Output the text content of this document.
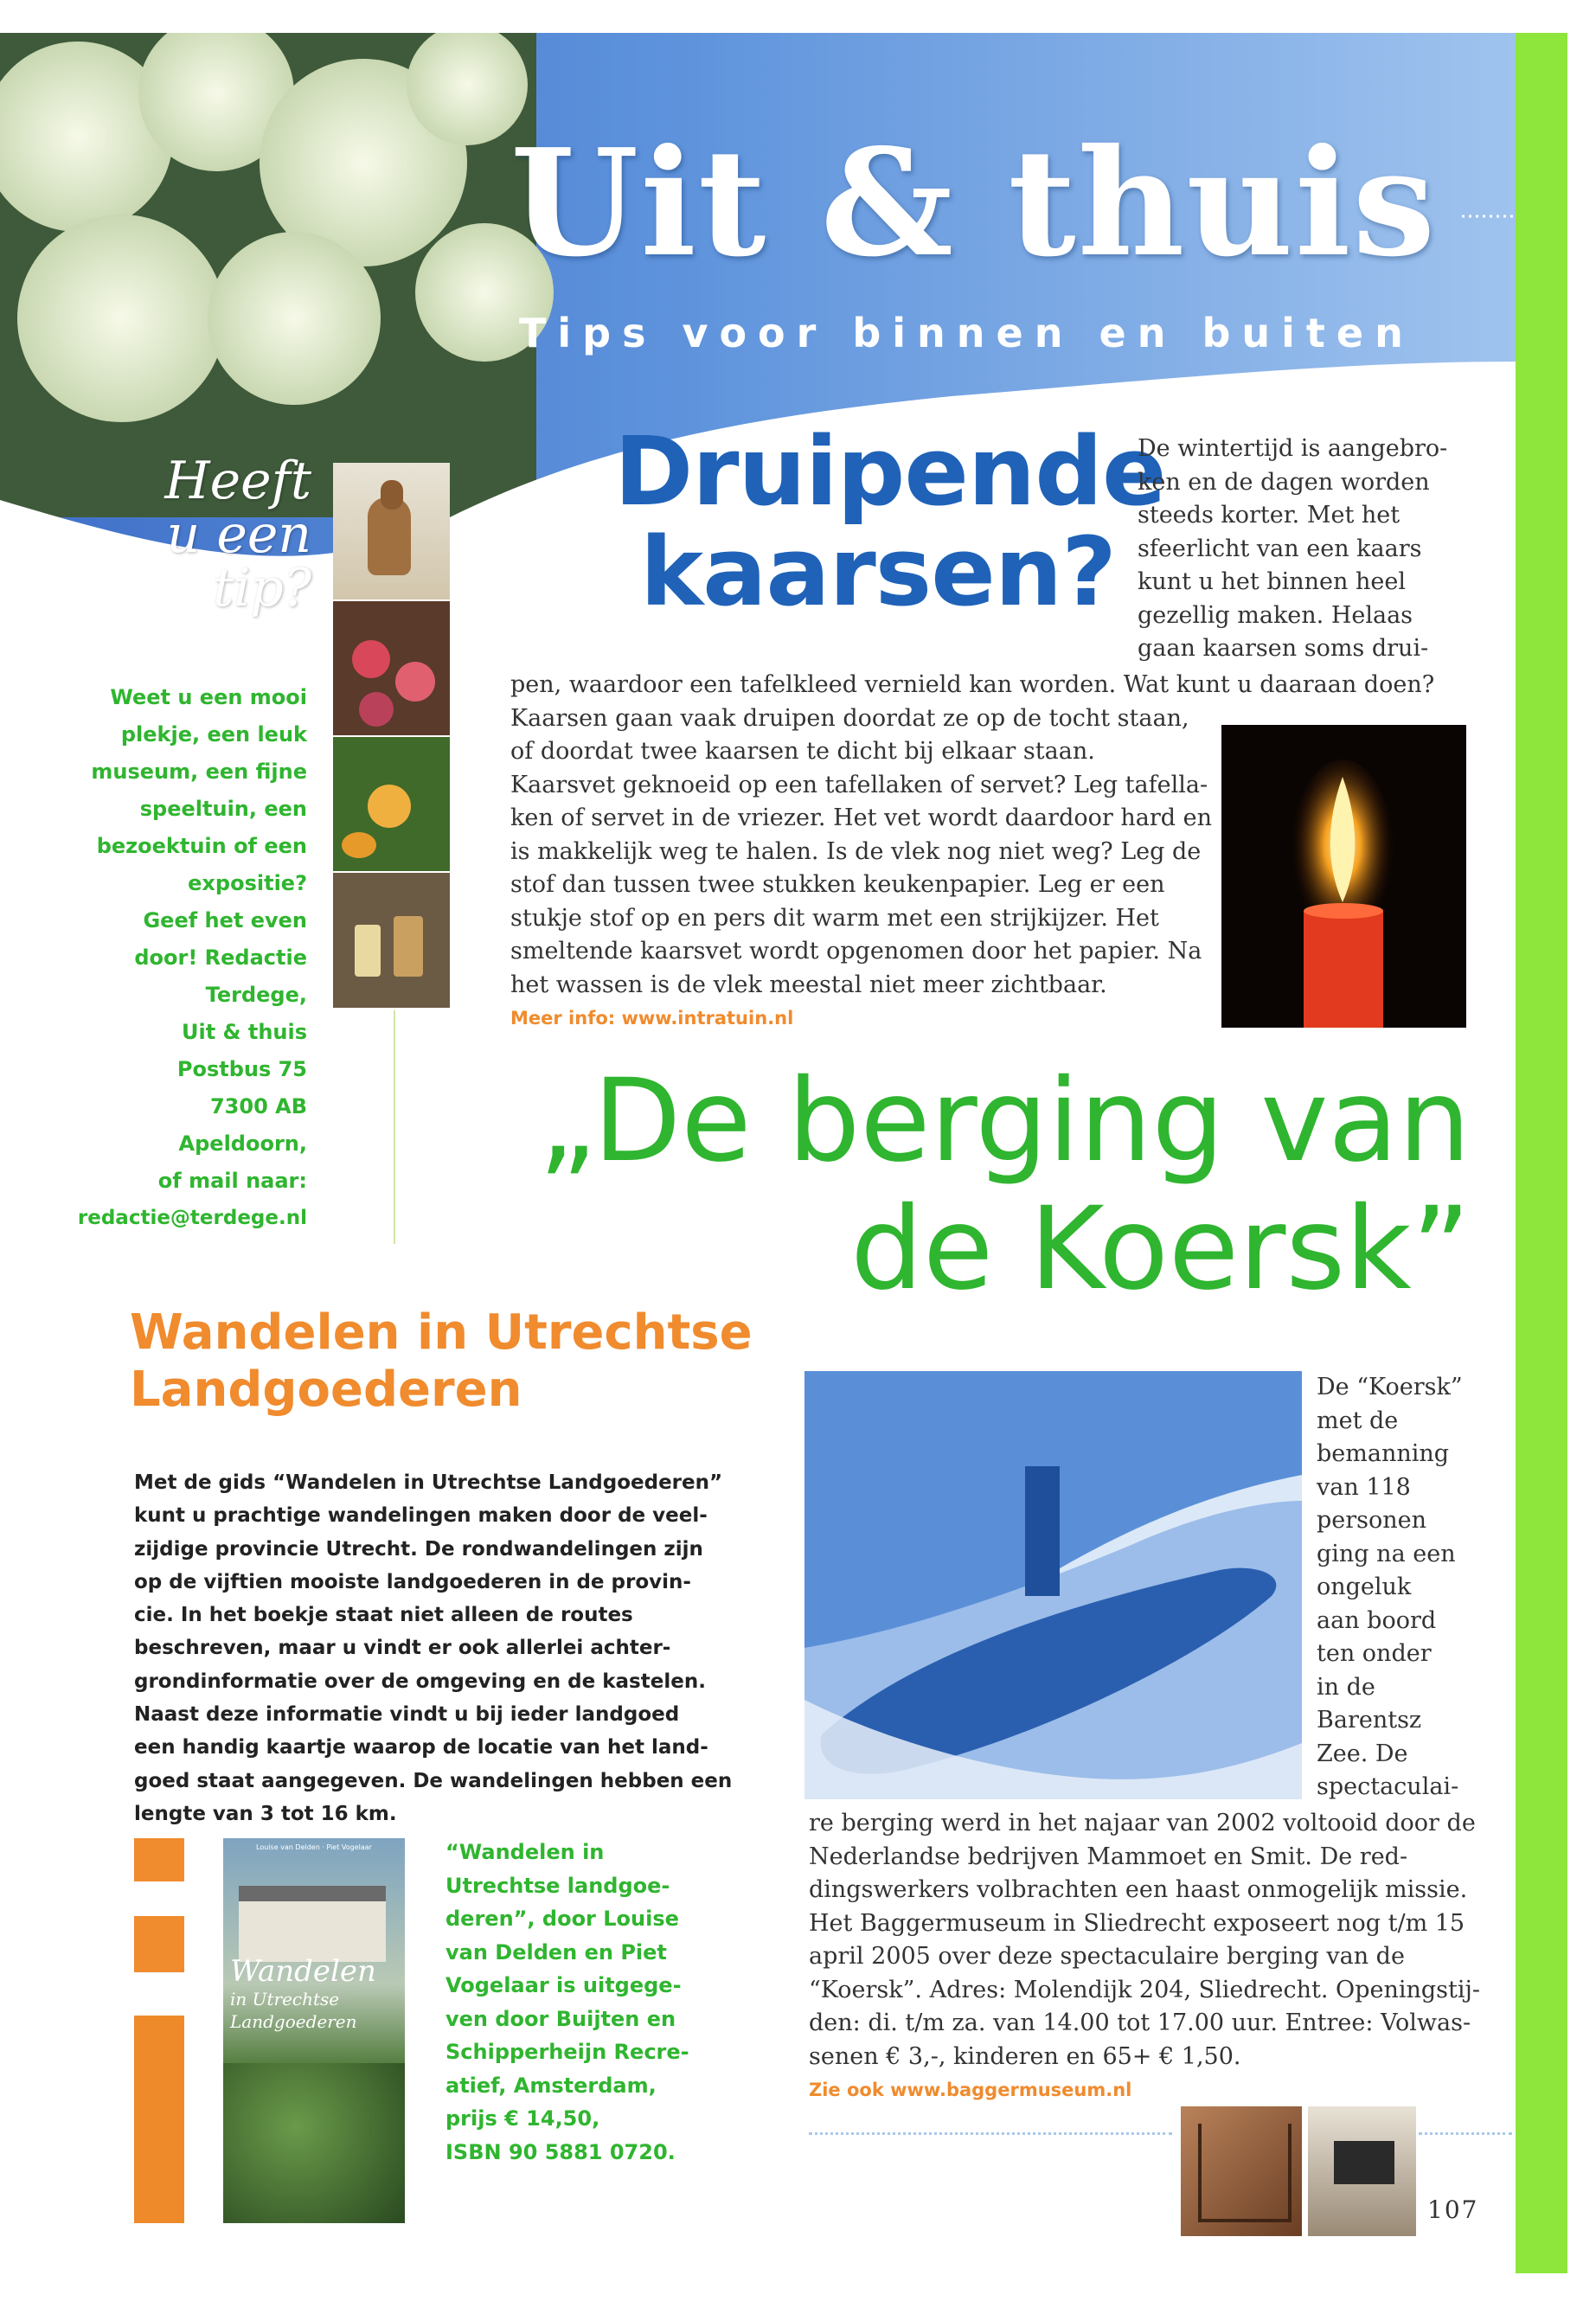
Uit & thuis
Tips voor binnen en buiten
Heeft
u een
tip?
Weet u een mooi
plekje, een leuk
museum, een fijne
speeltuin, een
bezoektuin of een
expositie?
Geef het even
door! Redactie
Terdege,
Uit & thuis
Postbus 75
7300 AB
Apeldoorn,
of mail naar:
redactie@terdege.nl
Druipende
kaarsen?
De wintertijd is aangebro-
ken en de dagen worden
steeds korter. Met het
sfeerlicht van een kaars
kunt u het binnen heel
gezellig maken. Helaas
gaan kaarsen soms drui-
pen, waardoor een tafelkleed vernield kan worden. Wat kunt u daaraan doen?
Kaarsen gaan vaak druipen doordat ze op de tocht staan,
of doordat twee kaarsen te dicht bij elkaar staan.
Kaarsvet geknoeid op een tafellaken of servet? Leg tafella-
ken of servet in de vriezer. Het vet wordt daardoor hard en
is makkelijk weg te halen. Is de vlek nog niet weg? Leg de
stof dan tussen twee stukken keukenpapier. Leg er een
stukje stof op en pers dit warm met een strijkijzer. Het
smeltende kaarsvet wordt opgenomen door het papier. Na
het wassen is de vlek meestal niet meer zichtbaar.
Meer info: www.intratuin.nl
„De berging van
de Koersk”
De “Koersk”
met de
bemanning
van 118
personen
ging na een
ongeluk
aan boord
ten onder
in de
Barentsz
Zee. De
spectaculai-
re berging werd in het najaar van 2002 voltooid door de
Nederlandse bedrijven Mammoet en Smit. De red-
dingswerkers volbrachten een haast onmogelijk missie.
Het Baggermuseum in Sliedrecht exposeert nog t/m 15
april 2005 over deze spectaculaire berging van de
“Koersk”. Adres: Molendijk 204, Sliedrecht. Openingstij-
den: di. t/m za. van 14.00 tot 17.00 uur. Entree: Volwas-
senen € 3,-, kinderen en 65+ € 1,50.
Zie ook www.baggermuseum.nl
107
Wandelen in Utrechtse
Landgoederen
Met de gids “Wandelen in Utrechtse Landgoederen”
kunt u prachtige wandelingen maken door de veel-
zijdige provincie Utrecht. De rondwandelingen zijn
op de vijftien mooiste landgoederen in de provin-
cie. In het boekje staat niet alleen de routes
beschreven, maar u vindt er ook allerlei achter-
grondinformatie over de omgeving en de kastelen.
Naast deze informatie vindt u bij ieder landgoed
een handig kaartje waarop de locatie van het land-
goed staat aangegeven. De wandelingen hebben een
lengte van 3 tot 16 km.
Louise van Delden · Piet Vogelaar
Wandelen
in Utrechtse
Landgoederen
“Wandelen in
Utrechtse landgoe-
deren”, door Louise
van Delden en Piet
Vogelaar is uitgege-
ven door Buijten en
Schipperheijn Recre-
atief, Amsterdam,
prijs € 14,50,
ISBN 90 5881 0720.
